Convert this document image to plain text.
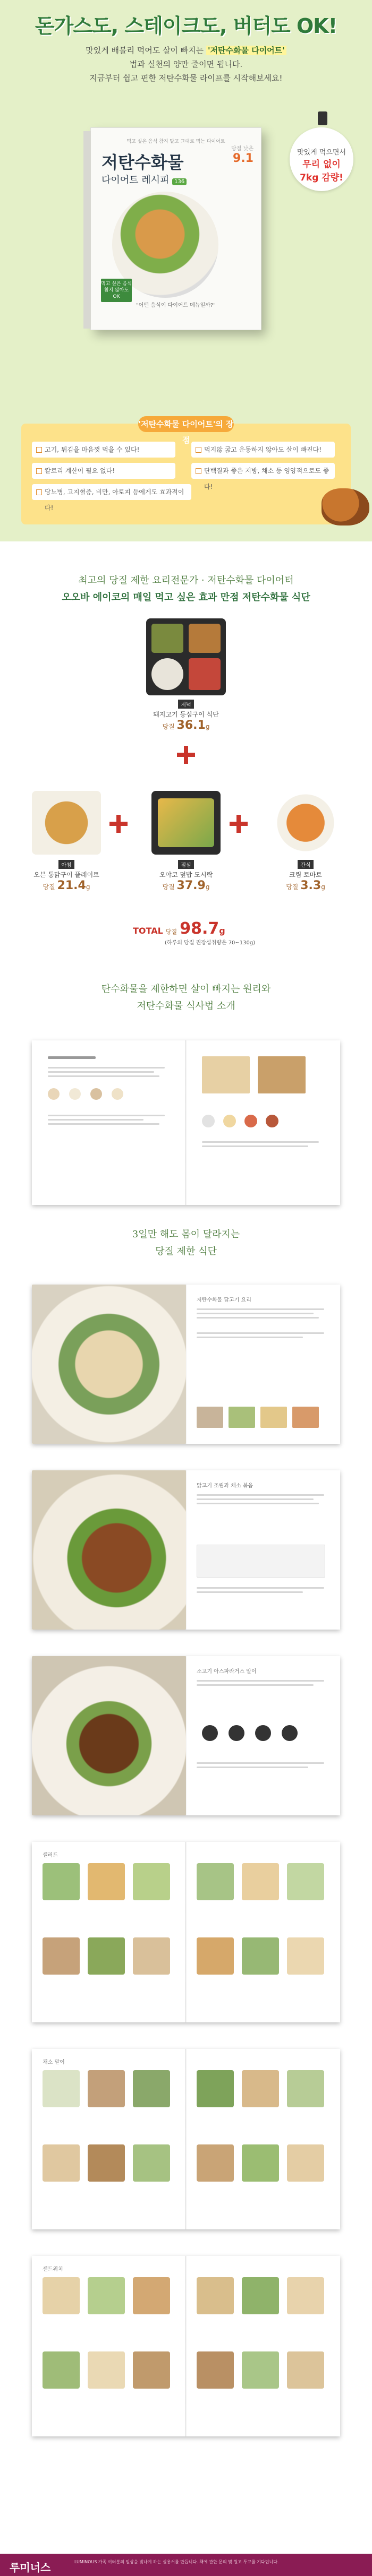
돈가스도, 스테이크도, 버터도 OK!
맛있게 배불리 먹어도 살이 빠지는 '저탄수화물 다이어트'
법과 실천의 양만 줄이면 됩니다.
지금부터 쉽고 편한 저탄수화물 라이프를 시작해보세요!
먹고 싶은 음식 참지 말고 그대로 먹는 다이어트
저탄수화물
다이어트 레시피 136
당질 낮은
9.1
"어떤 음식이 다이어트 메뉴일까?"
먹고 싶은 음식 참지 않아도 OK
맛있게 먹으면서
무리 없이
7kg 감량!
'저탄수화물 다이어트'의 장점
고기, 튀김을 마음껏 먹을 수 있다!	먹지않 굶고 운동하지 않아도 살이 빠진다!
칼로리 계산이 필요 없다!	단백질과 좋은 지방, 채소 등 영양적으로도 좋다!
당뇨병, 고지혈증, 비만, 아토피 등에게도 효과적이다!
최고의 당질 제한 요리전문가 · 저탄수화물 다이어터
오오바 에이코의 매일 먹고 싶은 효과 만점 저탄수화물 식단
저녁
돼지고기 등심구이 식단
당질 36.1g
아침
오븐 통닭구이 플레이트
당질 21.4g
점심
오야코 덮밥 도시락
당질 37.9g
간식
크림 토마토
당질 3.3g
TOTAL 당질 98.7g
(하루의 당질 권장섭취량은 70~130g)
탄수화물을 제한하면 살이 빠지는 원리와
저탄수화물 식사법 소개
3일만 해도 몸이 달라지는
당질 제한 식단
저탄수화물 닭고기 요리
닭고기 조림과 채소 볶음
소고기 아스파라거스 말이
샐러드
채소 말이
샌드위치
루미너스	LUMINOUS 가족 여러분의 일상을 빛나게 하는 실용서를 만듭니다. 책에 관한 문의 및 원고 투고를 기다립니다.
